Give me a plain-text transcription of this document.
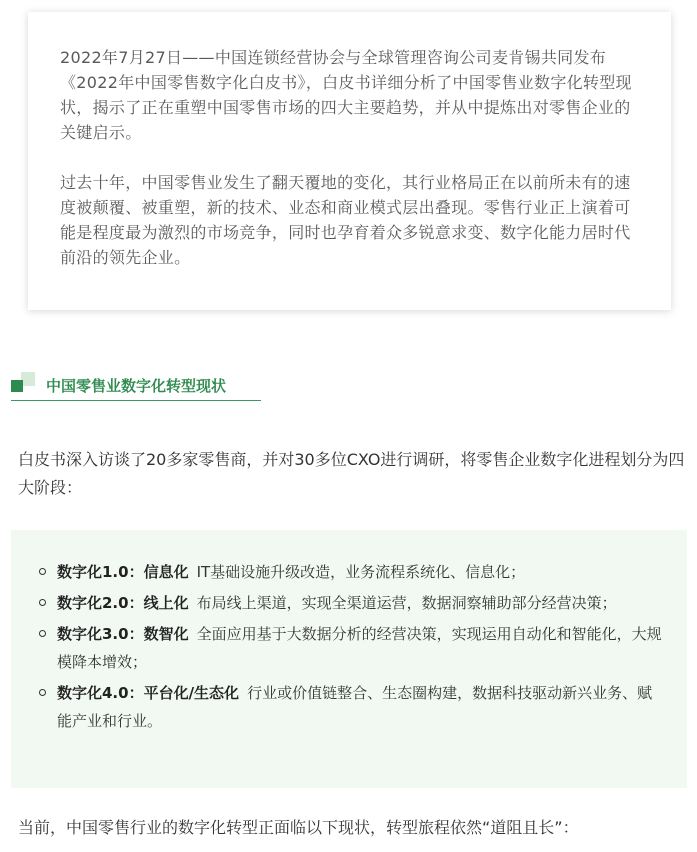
2022年7月27日——中国连锁经营协会与全球管理咨询公司麦肯锡共同发布《2022年中国零售数字化白皮书》，白皮书详细分析了中国零售业数字化转型现状，揭示了正在重塑中国零售市场的四大主要趋势，并从中提炼出对零售企业的关键启示。

过去十年，中国零售业发生了翻天覆地的变化，其行业格局正在以前所未有的速度被颠覆、被重塑，新的技术、业态和商业模式层出叠现。零售行业正上演着可能是程度最为激烈的市场竞争，同时也孕育着众多锐意求变、数字化能力居时代前沿的领先企业。

中国零售业数字化转型现状

白皮书深入访谈了20多家零售商，并对30多位CXO进行调研，将零售企业数字化进程划分为四大阶段：

数字化1.0：信息化 IT基础设施升级改造，业务流程系统化、信息化；
数字化2.0：线上化 布局线上渠道，实现全渠道运营，数据洞察辅助部分经营决策；
数字化3.0：数智化 全面应用基于大数据分析的经营决策，实现运用自动化和智能化，大规模降本增效；
数字化4.0：平台化/生态化 行业或价值链整合、生态圈构建，数据科技驱动新兴业务、赋能产业和行业。

当前，中国零售行业的数字化转型正面临以下现状，转型旅程依然“道阻且长”：
